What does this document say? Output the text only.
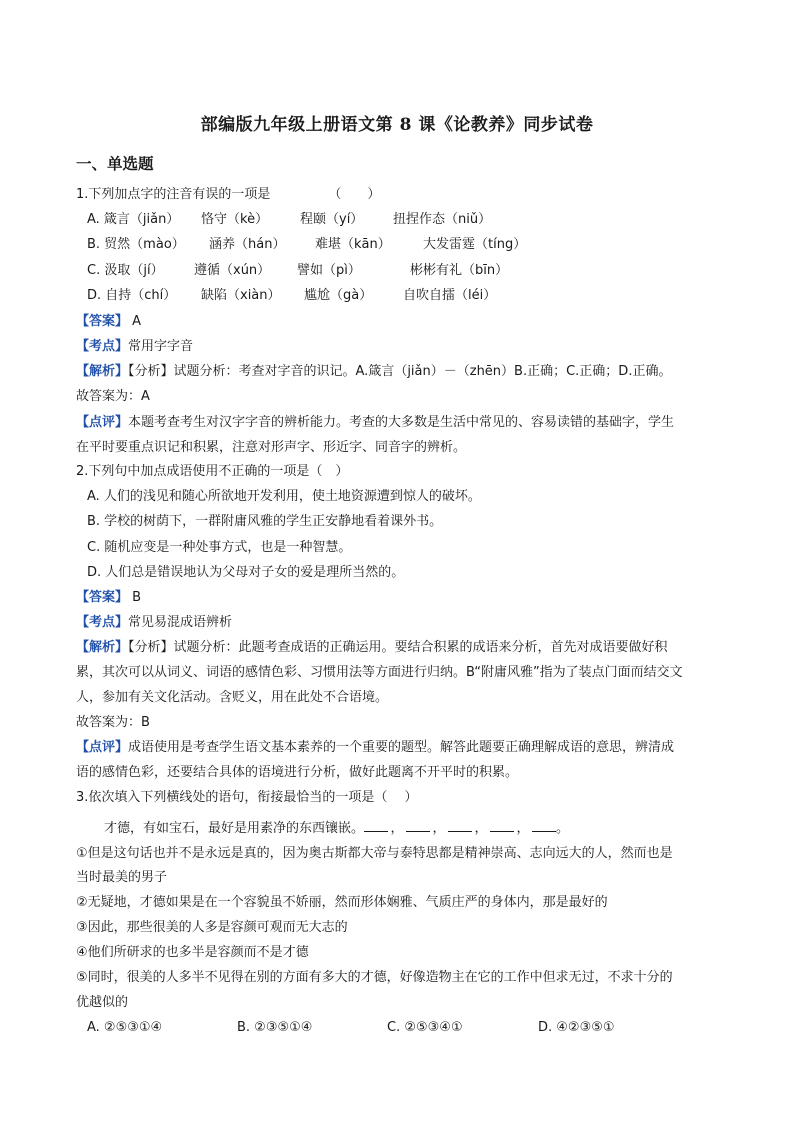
部编版九年级上册语文第 8 课《论教养》同步试卷
一、单选题
1.下列加点字的注音有误的一项是	（　　）
A. 箴言（jiǎn） 恪守（kè） 程颐（yí） 扭捏作态（niǔ）
B. 贸然（mào） 涵养（hán） 难堪（kān） 大发雷霆（tíng）
C. 汲取（jí） 遵循（xún） 譬如（pì）	彬彬有礼（bīn）
D. 自持（chí） 缺陷（xiàn） 尴尬（gà） 自吹自擂（léi）
【答案】 A
【考点】常用字字音
【解析】【分析】试题分析：考查对字音的识记。A.箴言（jiǎn）－（zhēn）B.正确；C.正确；D.正确。
故答案为：A
【点评】本题考查考生对汉字字音的辨析能力。考查的大多数是生活中常见的、容易读错的基础字，学生
在平时要重点识记和积累，注意对形声字、形近字、同音字的辨析。
2.下列句中加点成语使用不正确的一项是（　）
A. 人们的浅见和随心所欲地开发利用，使土地资源遭到惊人的破坏。
B. 学校的树荫下，一群附庸风雅的学生正安静地看着课外书。
C. 随机应变是一种处事方式，也是一种智慧。
D. 人们总是错误地认为父母对子女的爱是理所当然的。
【答案】 B
【考点】常见易混成语辨析
【解析】【分析】试题分析：此题考查成语的正确运用。要结合积累的成语来分析，首先对成语要做好积
累，其次可以从词义、词语的感情色彩、习惯用法等方面进行归纳。B“附庸风雅”指为了装点门面而结交文
人，参加有关文化活动。含贬义，用在此处不合语境。
故答案为：B
【点评】成语使用是考查学生语文基本素养的一个重要的题型。解答此题要正确理解成语的意思，辨清成
语的感情色彩，还要结合具体的语境进行分析，做好此题离不开平时的积累。
3.依次填入下列横线处的语句，衔接最恰当的一项是（　 ）
才德，有如宝石，最好是用素净的东西镶嵌。 ， ， ， ， 。
①但是这句话也并不是永远是真的，因为奥古斯都大帝与泰特思都是精神崇高、志向远大的人，然而也是
当时最美的男子
②无疑地，才德如果是在一个容貌虽不娇丽，然而形体娴雅、气质庄严的身体内，那是最好的
③因此，那些很美的人多是容颜可观而无大志的
④他们所研求的也多半是容颜而不是才德
⑤同时，很美的人多半不见得在别的方面有多大的才德，好像造物主在它的工作中但求无过，不求十分的
优越似的
A. ②⑤③①④	B. ②③⑤①④	C. ②⑤③④①	D. ④②③⑤①
